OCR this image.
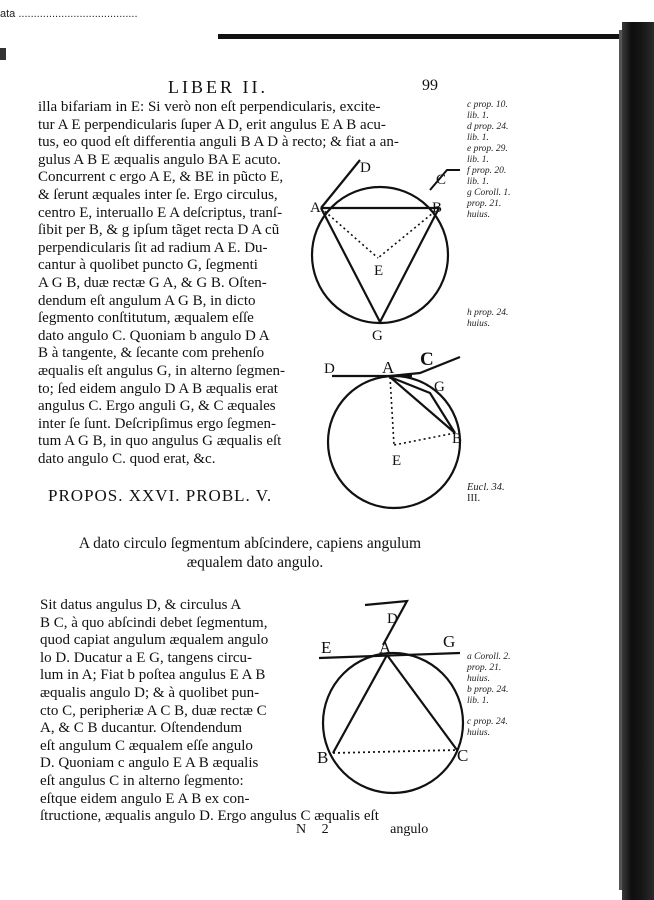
ata .......................................
LIBER II.	99
illa bifariam in E: Si verò non eſt perpendicularis, excite-
tur A E perpendicularis ſuper A D, erit angulus E A B acu-
tus, eo quod eſt differentia anguli B A D à recto; & fiat a an-
gulus A B E æqualis angulo BA E acuto.
Concurrent c ergo A E, & BE in pũcto E,
& ſerunt æquales inter ſe. Ergo circulus,
centro E, interuallo E A deſcriptus, tranſ-
ſibit per B, & g ipſum tãget recta D A cũ
perpendicularis ſit ad radium A E. Du-
cantur à quolibet puncto G, ſegmenti
A G B, duæ rectæ G A, & G B. Oſten-
dendum eſt angulum A G B, in dicto
ſegmento conſtitutum, æqualem eſſe
dato angulo C. Quoniam b angulo D A
B à tangente, & ſecante com prehenſo
æqualis eſt angulus G, in alterno ſegmen-
to; ſed eidem angulo D A B æqualis erat
angulus C. Ergo anguli G, & C æquales
inter ſe ſunt. Deſcripſimus ergo ſegmen-
tum A G B, in quo angulus G æqualis eſt
dato angulo C. quod erat, &c.
c prop. 10.
lib. 1.
d prop. 24.
lib. 1.
e prop. 29.
lib. 1.
f prop. 20.
lib. 1.
g Coroll. 1.
prop. 21.
huius.
h prop. 24.
huius.
Eucl. 34.
III.
a Coroll. 2.
prop. 21.
huius.
b prop. 24.
lib. 1.
c prop. 24.
huius.
D
C
A	B
E
G
D	A C
G
B
E
D
E	A	G
B	C
PROPOS. XXVI. PROBL. V.
A dato circulo ſegmentum abſcindere, capiens angulum
æqualem dato angulo.
Sit datus angulus D, & circulus A
B C, à quo abſcindi debet ſegmentum,
quod capiat angulum æqualem angulo
lo D. Ducatur a E G, tangens circu-
lum in A; Fiat b poſtea angulus E A B
æqualis angulo D; & à quolibet pun-
cto C, peripheriæ A C B, duæ rectæ C
A, & C B ducantur. Oſtendendum
eſt angulum C æqualem eſſe angulo
D. Quoniam c angulo E A B æqualis
eſt angulus C in alterno ſegmento:
eſtque eidem angulo E A B ex con-
ſtructione, æqualis angulo D. Ergo angulus C æqualis eſt
N 2	angulo
